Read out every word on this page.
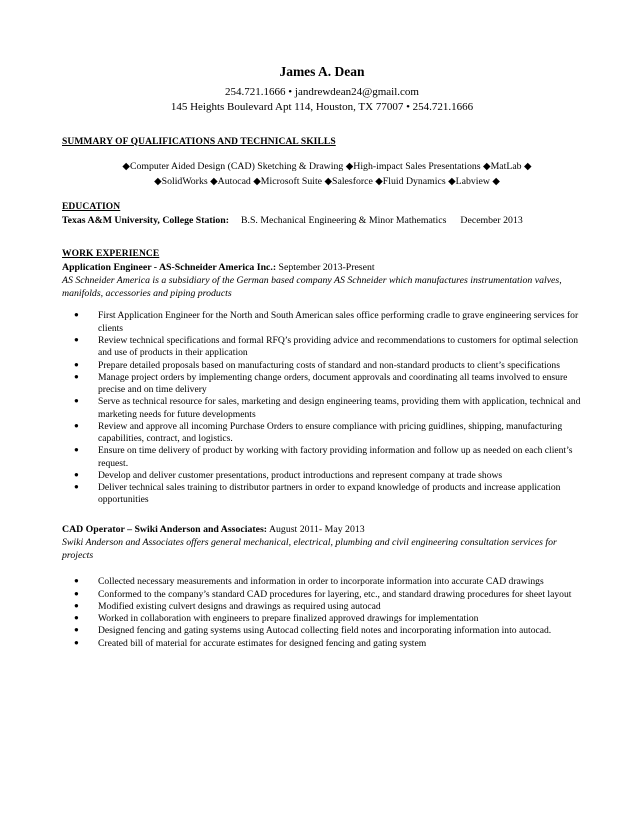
James A. Dean
254.721.1666 • jandrewdean24@gmail.com
145 Heights Boulevard Apt 114, Houston, TX 77007 • 254.721.1666
SUMMARY OF QUALIFICATIONS AND TECHNICAL SKILLS
◆Computer Aided Design (CAD) Sketching & Drawing ◆High-impact Sales Presentations ◆MatLab ◆
◆SolidWorks ◆Autocad ◆Microsoft Suite ◆Salesforce ◆Fluid Dynamics ◆Labview ◆
EDUCATION
Texas A&M University, College Station: B.S. Mechanical Engineering & Minor Mathematics December 2013
WORK EXPERIENCE
Application Engineer - AS-Schneider America Inc.: September 2013-Present
AS Schneider America is a subsidiary of the German based company AS Schneider which manufactures instrumentation valves, manifolds, accessories and piping products
● First Application Engineer for the North and South American sales office performing cradle to grave engineering services for clients
● Review technical specifications and formal RFQ’s providing advice and recommendations to customers for optimal selection and use of products in their application
● Prepare detailed proposals based on manufacturing costs of standard and non-standard products to client’s specifications
● Manage project orders by implementing change orders, document approvals and coordinating all teams involved to ensure precise and on time delivery
● Serve as technical resource for sales, marketing and design engineering teams, providing them with application, technical and marketing needs for future developments
● Review and approve all incoming Purchase Orders to ensure compliance with pricing guidlines, shipping, manufacturing capabilities, contract, and logistics.
● Ensure on time delivery of product by working with factory providing information and follow up as needed on each client’s request.
● Develop and deliver customer presentations, product introductions and represent company at trade shows
● Deliver technical sales training to distributor partners in order to expand knowledge of products and increase application opportunities
CAD Operator – Swiki Anderson and Associates: August 2011- May 2013
Swiki Anderson and Associates offers general mechanical, electrical, plumbing and civil engineering consultation services for projects
● Collected necessary measurements and information in order to incorporate information into accurate CAD drawings
● Conformed to the company’s standard CAD procedures for layering, etc., and standard drawing procedures for sheet layout
● Modified existing culvert designs and drawings as required using autocad
● Worked in collaboration with engineers to prepare finalized approved drawings for implementation
● Designed fencing and gating systems using Autocad collecting field notes and incorporating information into autocad.
● Created bill of material for accurate estimates for designed fencing and gating system
